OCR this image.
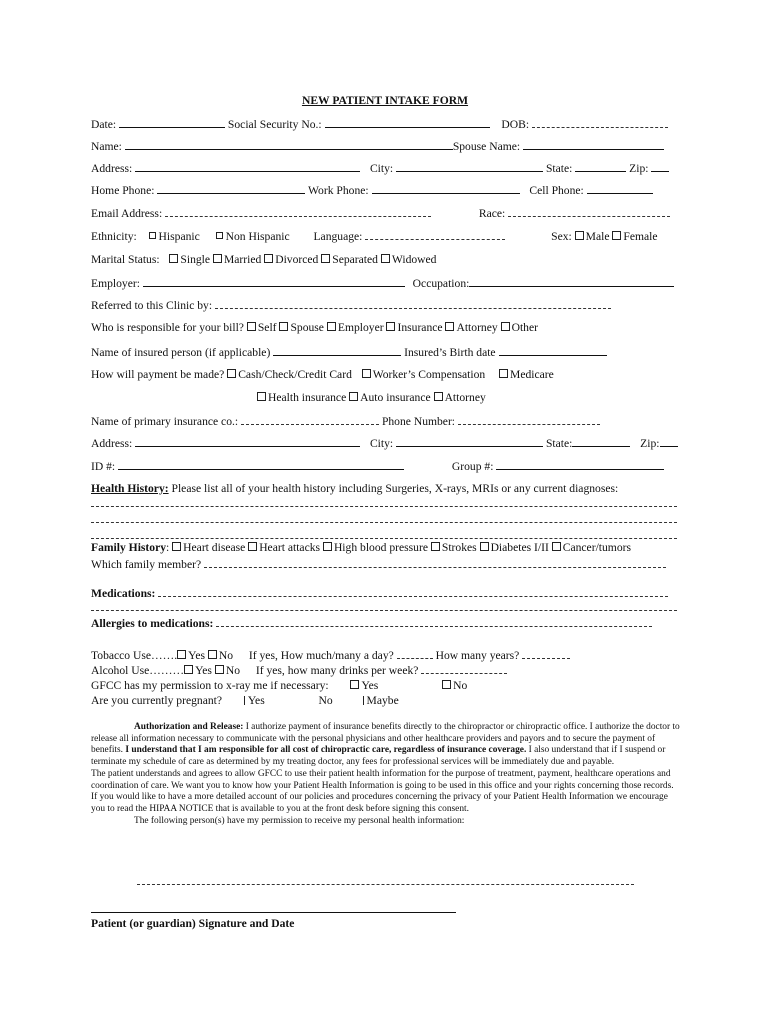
NEW PATIENT INTAKE FORM
Date:	Social Security No.:	DOB:
Name:	Spouse Name:
Address:	City:	State:	Zip:
Home Phone:	Work Phone:	Cell Phone:
Email Address:	Race:
Ethnicity: Hispanic Non Hispanic Language:	Sex: Male Female
Marital Status: Single Married Divorced Separated Widowed
Employer:	Occupation:
Referred to this Clinic by:
Who is responsible for your bill? Self Spouse Employer Insurance Attorney Other
Name of insured person (if applicable)	Insured’s Birth date
How will payment be made? Cash/Check/Credit Card Worker’s Compensation Medicare
Health insurance Auto insurance Attorney
Name of primary insurance co.:	Phone Number:
Address:	City:	State:	Zip:
ID #:	Group #:
Health History: Please list all of your health history including Surgeries, X-rays, MRIs or any current diagnoses:
Family History: Heart disease Heart attacks High blood pressure Strokes Diabetes I/II Cancer/tumors
Which family member?
Medications:
Allergies to medications:
Tobacco Use……. Yes No If yes, How much/many a day?	How many years?
Alcohol Use……… Yes No If yes, how many drinks per week?
GFCC has my permission to x-ray me if necessary:	Yes	No
Are you currently pregnant? Yes	No	Maybe

Authorization and Release: I authorize payment of insurance benefits directly to the chiropractor or chiropractic office. I authorize the doctor to release all information necessary to communicate with the personal physicians and other healthcare providers and payors and to secure the payment of benefits. I understand that I am responsible for all cost of chiropractic care, regardless of insurance coverage. I also understand that if I suspend or terminate my schedule of care as determined by my treating doctor, any fees for professional services will be immediately due and payable.

The patient understands and agrees to allow GFCC to use their patient health information for the purpose of treatment, payment, healthcare operations and coordination of care. We want you to know how your Patient Health Information is going to be used in this office and your rights concerning those records. If you would like to have a more detailed account of our policies and procedures concerning the privacy of your Patient Health Information we encourage you to read the HIPAA NOTICE that is available to you at the front desk before signing this consent.

The following person(s) have my permission to receive my personal health information:

Patient (or guardian) Signature and Date
